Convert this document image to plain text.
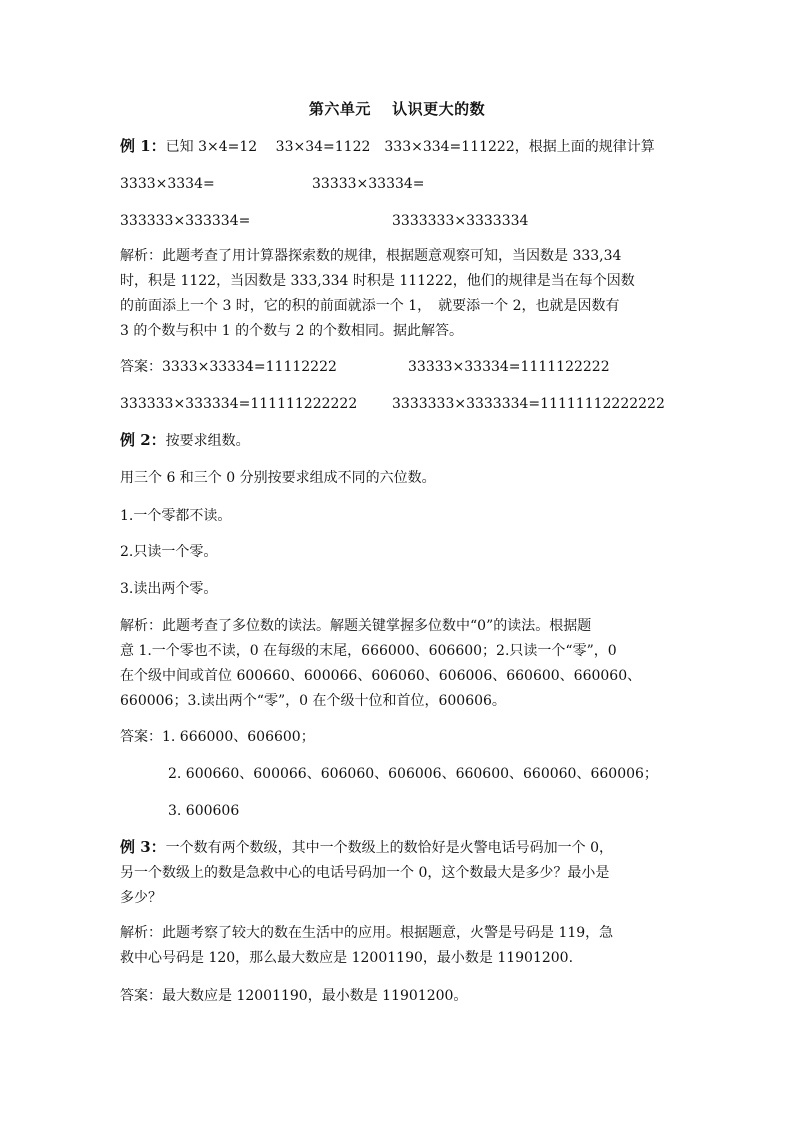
第六单元　 认识更大的数
例 1：已知 3×4=12　 33×34=1122　333×334=111222，根据上面的规律计算
3333×3334=	33333×33334=
333333×333334=	3333333×3333334

解析：此题考查了用计算器探索数的规律，根据题意观察可知，当因数是 333,34

时，积是 1122，当因数是 333,334 时积是 111222，他们的规律是当在每个因数

的前面添上一个 3 时，它的积的前面就添一个 1，　就要添一个 2，也就是因数有

3 的个数与积中 1 的个数与 2 的个数相同。据此解答。

答案：3333×33334=11112222	33333×33334=1111122222
333333×333334=111111222222 3333333×3333334=11111112222222
例 2：按要求组数。
用三个 6 和三个 0 分别按要求组成不同的六位数。
1.一个零都不读。
2.只读一个零。
3.读出两个零。

解析：此题考查了多位数的读法。解题关键掌握多位数中“0”的读法。根据题

意 1.一个零也不读，0 在每级的末尾，666000、606600；2.只读一个“零”，0

在个级中间或首位 600660、600066、606060、606006、660600、660060、

660006；3.读出两个“零”，0 在个级十位和首位，600606。

答案：1. 666000、606600；
2. 600660、600066、606060、606006、660600、660060、660006；
3. 600606

例 3：一个数有两个数级，其中一个数级上的数恰好是火警电话号码加一个 0，

另一个数级上的数是急救中心的电话号码加一个 0，这个数最大是多少？最小是

多少？

解析：此题考察了较大的数在生活中的应用。根据题意，火警是号码是 119，急

救中心号码是 120，那么最大数应是 12001190，最小数是 11901200.

答案：最大数应是 12001190，最小数是 11901200。
